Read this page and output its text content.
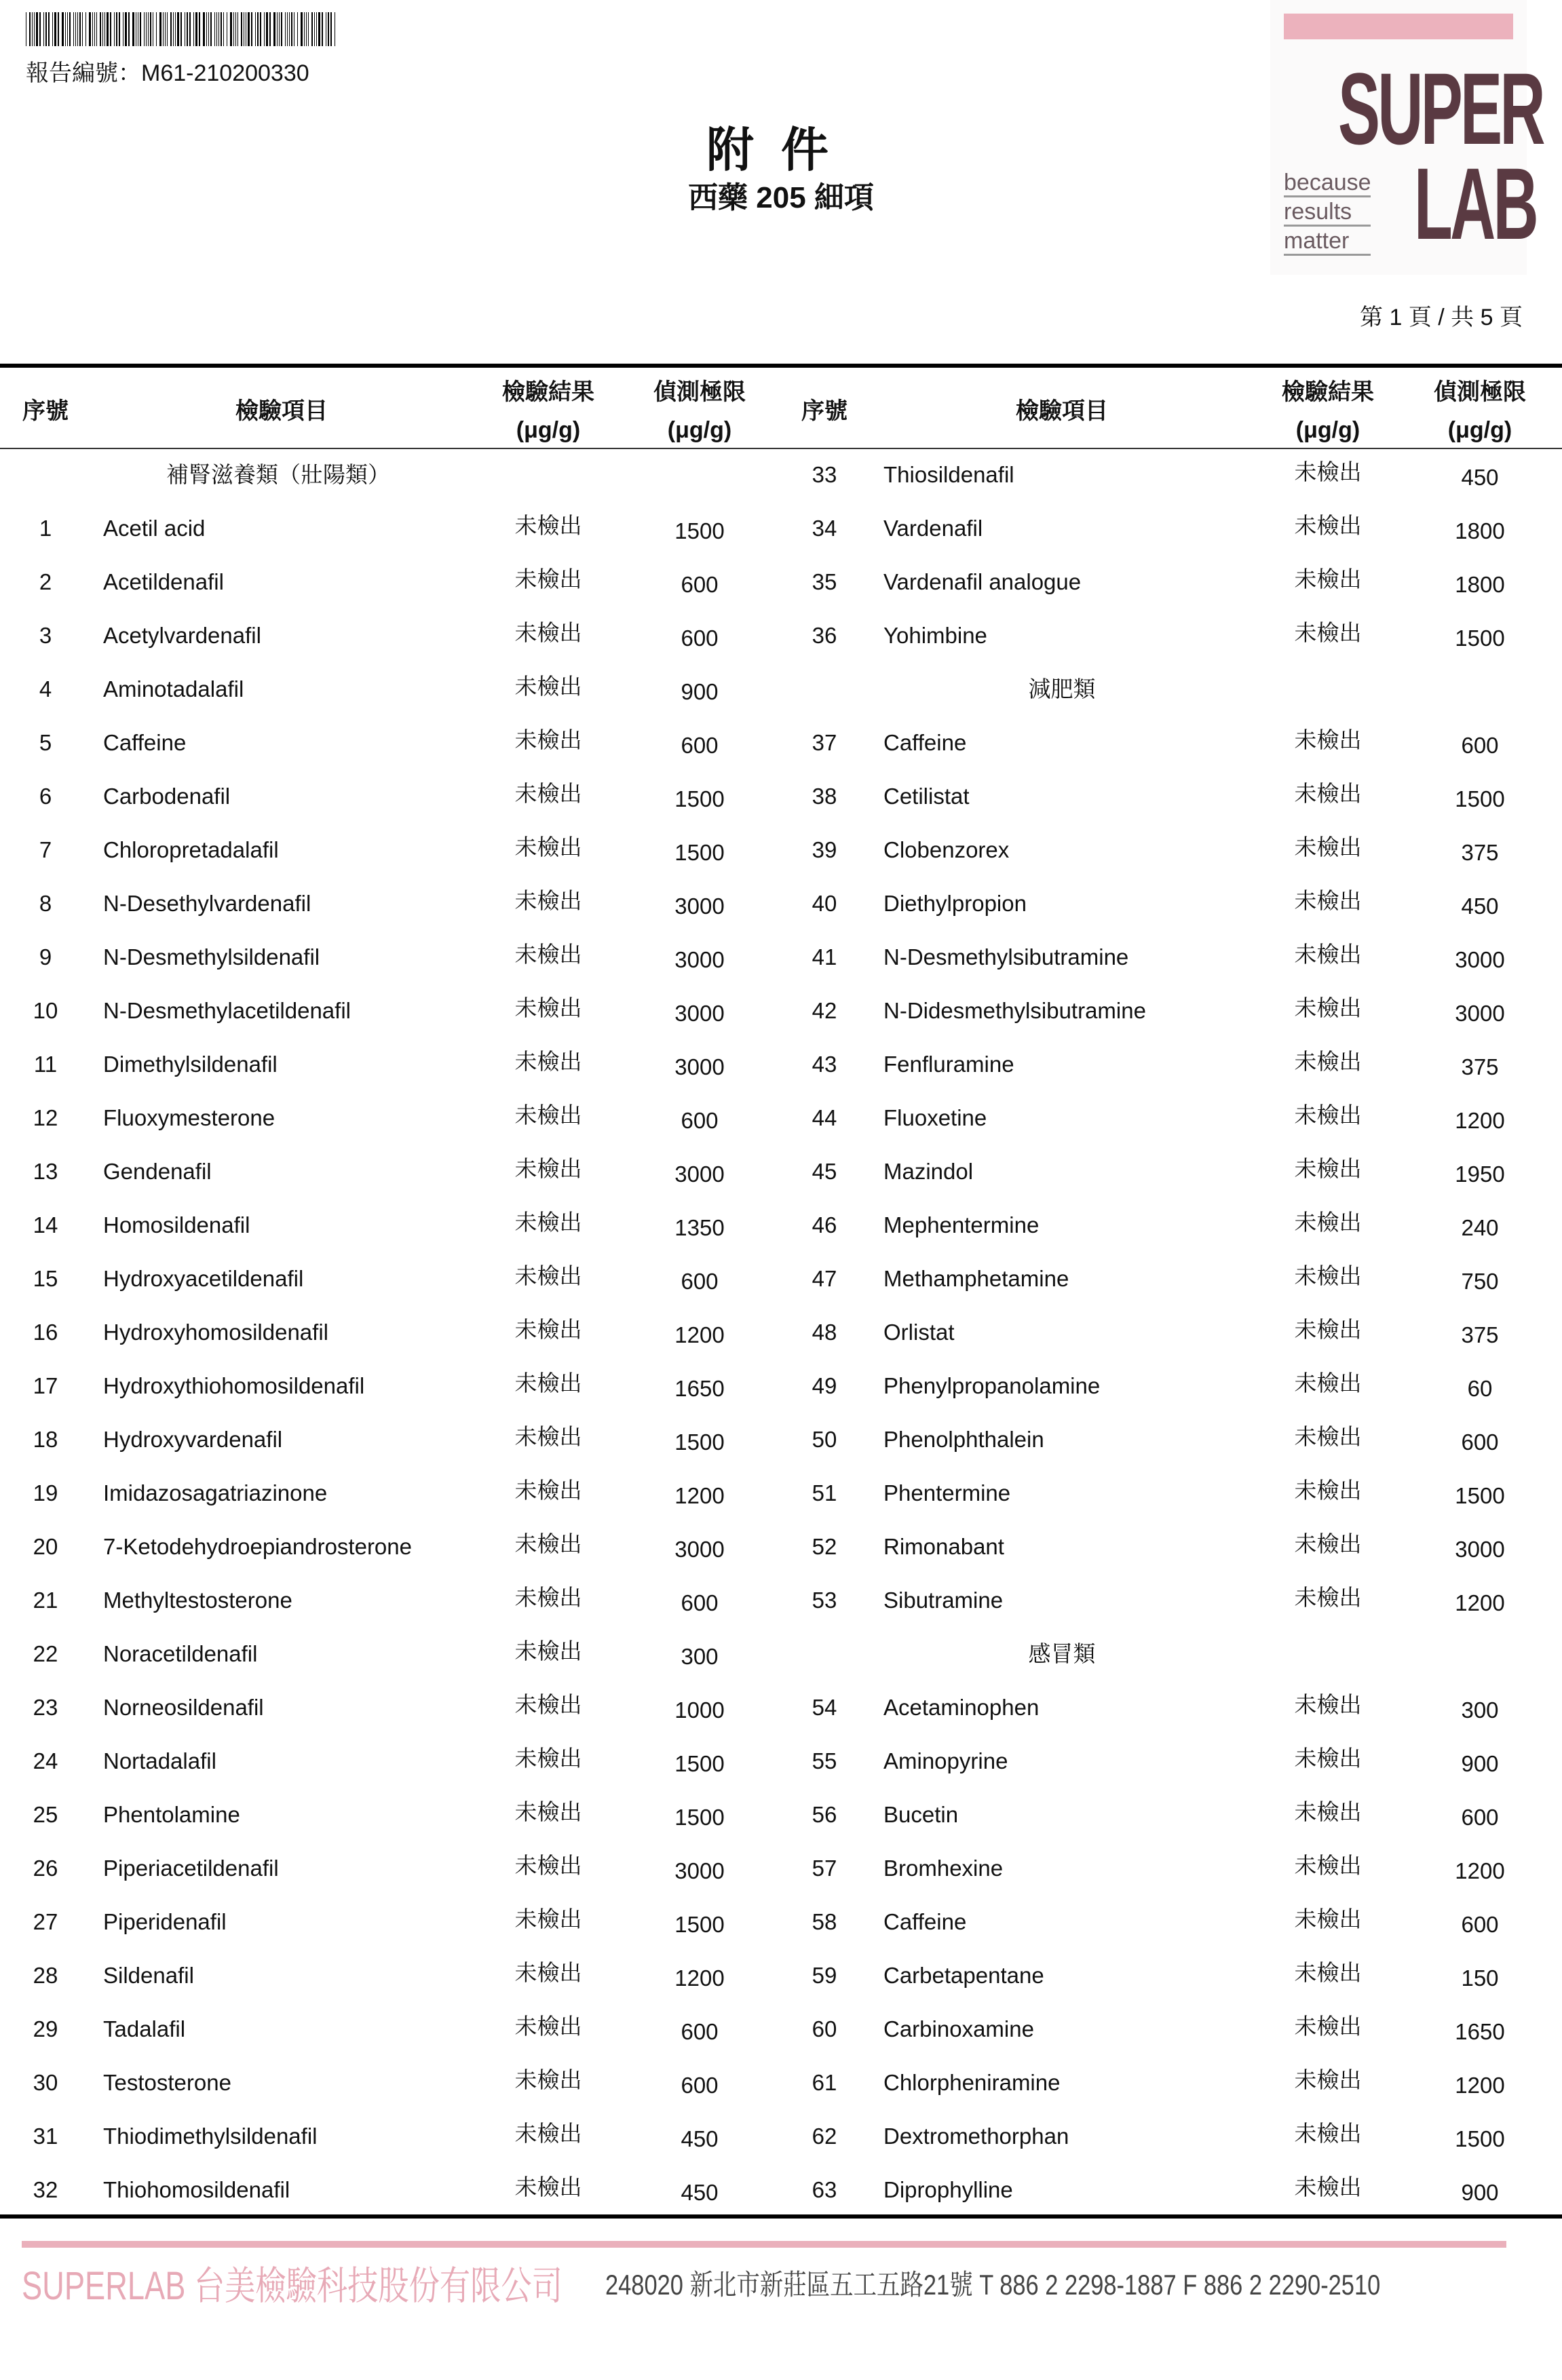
報告編號：M61-210200330
附件
西藥 205 細項
SUPER
LAB
because
results
matter
第 1 頁 / 共 5 頁
序號	檢驗項目
檢驗結果
(μg/g)
偵測極限
(μg/g)
序號	檢驗項目
檢驗結果
(μg/g)
偵測極限
(μg/g)
補腎滋養類（壯陽類）	33	Thiosildenafil	未檢出	450
1	Acetil acid	未檢出	1500	34	Vardenafil	未檢出	1800
2	Acetildenafil	未檢出	600	35	Vardenafil analogue	未檢出	1800
3	Acetylvardenafil	未檢出	600	36	Yohimbine	未檢出	1500
4	Aminotadalafil	未檢出	900	減肥類
5	Caffeine	未檢出	600	37	Caffeine	未檢出	600
6	Carbodenafil	未檢出	1500	38	Cetilistat	未檢出	1500
7	Chloropretadalafil	未檢出	1500	39	Clobenzorex	未檢出	375
8	N-Desethylvardenafil	未檢出	3000	40	Diethylpropion	未檢出	450
9	N-Desmethylsildenafil	未檢出	3000	41	N-Desmethylsibutramine	未檢出	3000
10	N-Desmethylacetildenafil	未檢出	3000	42	N-Didesmethylsibutramine	未檢出	3000
11	Dimethylsildenafil	未檢出	3000	43	Fenfluramine	未檢出	375
12	Fluoxymesterone	未檢出	600	44	Fluoxetine	未檢出	1200
13	Gendenafil	未檢出	3000	45	Mazindol	未檢出	1950
14	Homosildenafil	未檢出	1350	46	Mephentermine	未檢出	240
15	Hydroxyacetildenafil	未檢出	600	47	Methamphetamine	未檢出	750
16	Hydroxyhomosildenafil	未檢出	1200	48	Orlistat	未檢出	375
17	Hydroxythiohomosildenafil	未檢出	1650	49	Phenylpropanolamine	未檢出	60
18	Hydroxyvardenafil	未檢出	1500	50	Phenolphthalein	未檢出	600
19	Imidazosagatriazinone	未檢出	1200	51	Phentermine	未檢出	1500
20	7-Ketodehydroepiandrosterone	未檢出	3000	52	Rimonabant	未檢出	3000
21	Methyltestosterone	未檢出	600	53	Sibutramine	未檢出	1200
22	Noracetildenafil	未檢出	300	感冒類
23	Norneosildenafil	未檢出	1000	54	Acetaminophen	未檢出	300
24	Nortadalafil	未檢出	1500	55	Aminopyrine	未檢出	900
25	Phentolamine	未檢出	1500	56	Bucetin	未檢出	600
26	Piperiacetildenafil	未檢出	3000	57	Bromhexine	未檢出	1200
27	Piperidenafil	未檢出	1500	58	Caffeine	未檢出	600
28	Sildenafil	未檢出	1200	59	Carbetapentane	未檢出	150
29	Tadalafil	未檢出	600	60	Carbinoxamine	未檢出	1650
30	Testosterone	未檢出	600	61	Chlorpheniramine	未檢出	1200
31	Thiodimethylsildenafil	未檢出	450	62	Dextromethorphan	未檢出	1500
32	Thiohomosildenafil	未檢出	450	63	Diprophylline	未檢出	900
SUPERLAB 台美檢驗科技股份有限公司 248020 新北市新莊區五工五路21號 T 886 2 2298-1887 F 886 2 2290-2510
